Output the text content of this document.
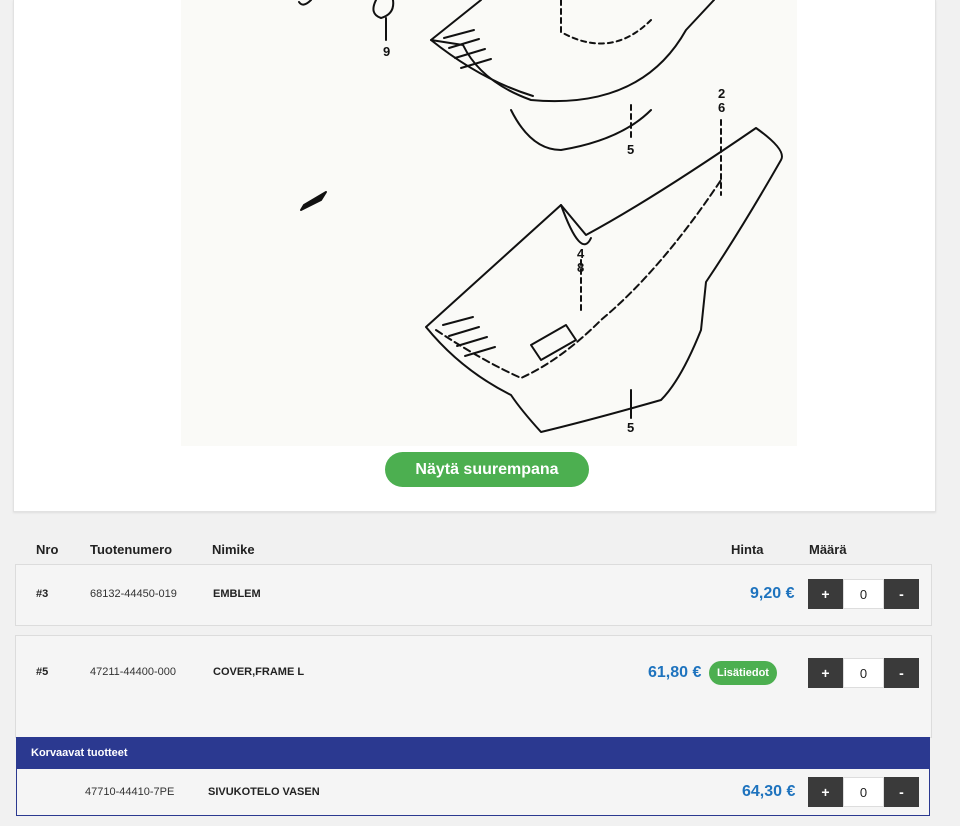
9
5
2
6
4
8
5
Näytä suurempana
Nro Tuotenumero	Nimike	Hinta	Määrä
#3	68132-44450-019	EMBLEM	9,20 €	+	0	-
#5	47211-44400-000	COVER,FRAME L	61,80 €	Lisätiedot	+	0	-
Korvaavat tuotteet
47710-44410-7PE	SIVUKOTELO VASEN	64,30 €	+	0	-
